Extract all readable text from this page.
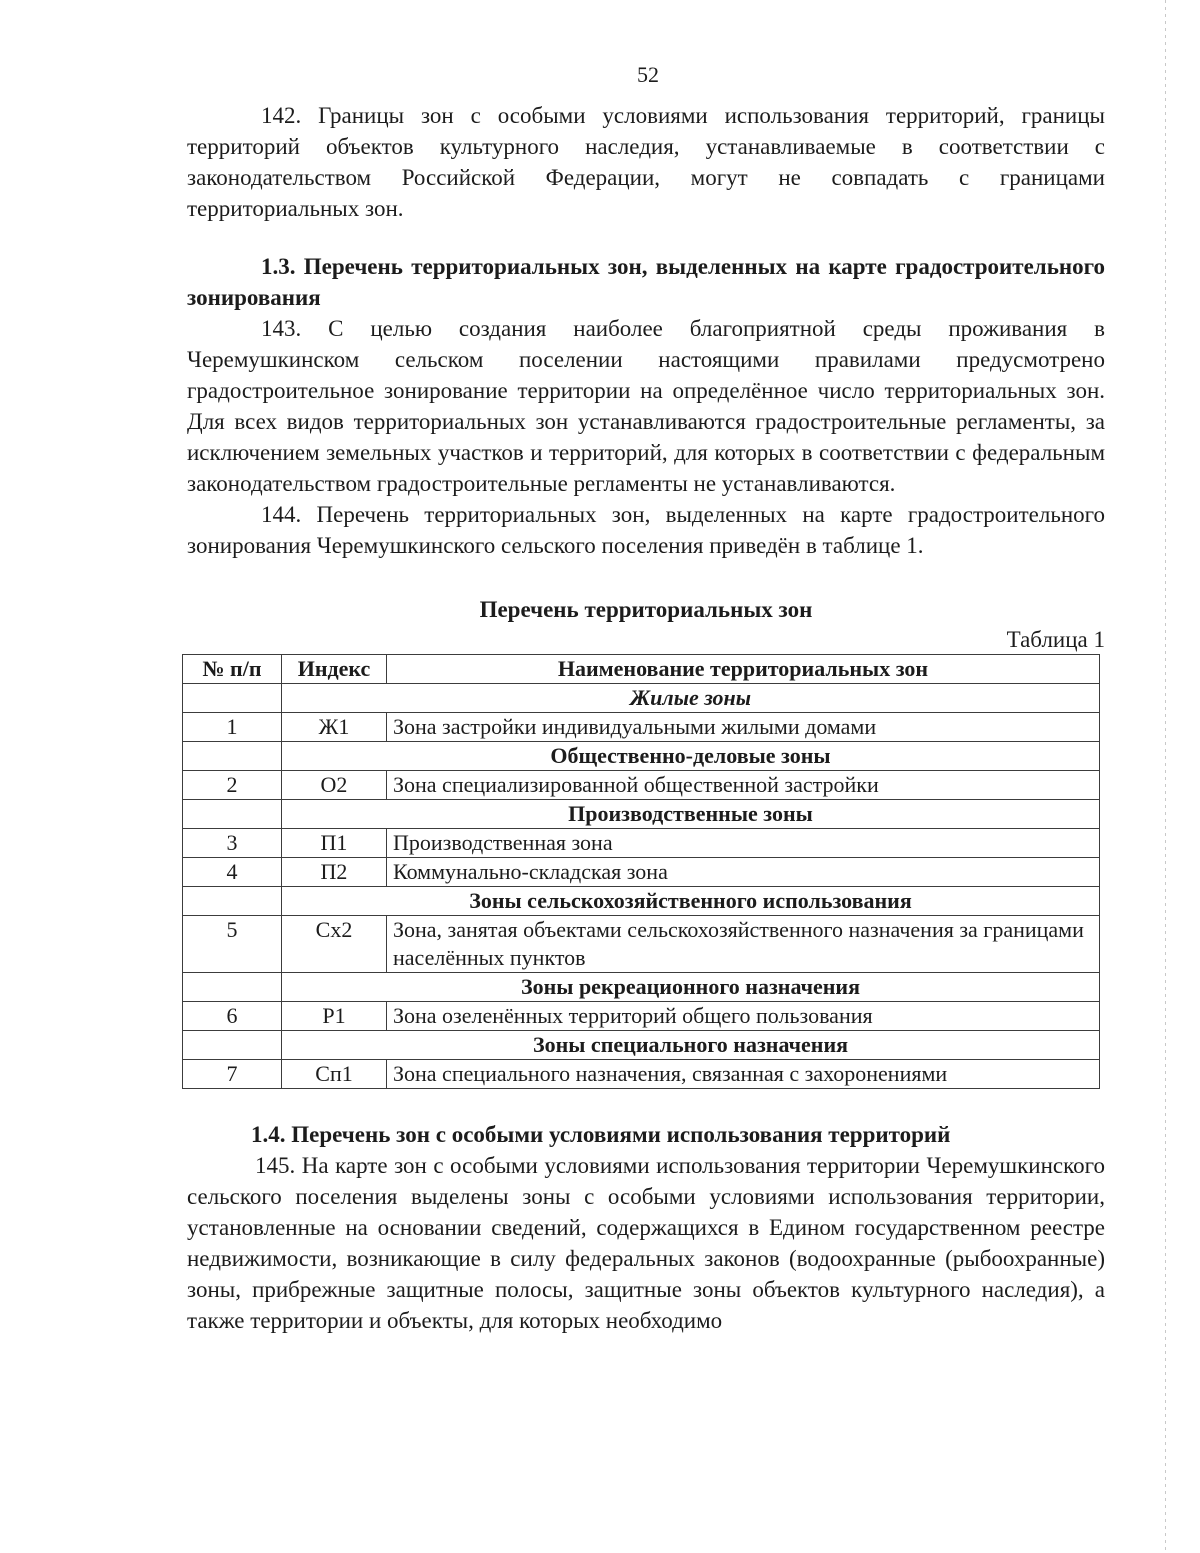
52

142. Границы зон с особыми условиями использования территорий, границы территорий объектов культурного наследия, устанавливаемые в соответствии с законодательством Российской Федерации, могут не совпадать с границами территориальных зон.

1.3. Перечень территориальных зон, выделенных на карте градостроительного зонирования

143. С целью создания наиболее благоприятной среды проживания в Черемушкинском сельском поселении настоящими правилами предусмотрено градостроительное зонирование территории на определённое число территориальных зон. Для всех видов территориальных зон устанавливаются градостроительные регламенты, за исключением земельных участков и территорий, для которых в соответствии с федеральным законодательством градостроительные регламенты не устанавливаются.

144. Перечень территориальных зон, выделенных на карте градостроительного зонирования Черемушкинского сельского поселения приведён в таблице 1.

Перечень территориальных зон

Таблица 1

№ п/п	Индекс	Наименование территориальных зон
	Жилые зоны	
1	Ж1	Зона застройки индивидуальными жилыми домами
	Общественно-деловые зоны	
2	О2	Зона специализированной общественной застройки
	Производственные зоны	
3	П1	Производственная зона
4	П2	Коммунально-складская зона
	Зоны сельскохозяйственного использования	
5	Сх2	Зона, занятая объектами сельскохозяйственного назначения за границами населённых пунктов
	Зоны рекреационного назначения	
6	Р1	Зона озеленённых территорий общего пользования
	Зоны специального назначения	
7	Сп1	Зона специального назначения, связанная с захоронениями

1.4. Перечень зон с особыми условиями использования территорий

145. На карте зон с особыми условиями использования территории Черемушкинского сельского поселения выделены зоны с особыми условиями использования территории, установленные на основании сведений, содержащихся в Едином государственном реестре недвижимости, возникающие в силу федеральных законов (водоохранные (рыбоохранные) зоны, прибрежные защитные полосы, защитные зоны объектов культурного наследия), а также территории и объекты, для которых необходимо
